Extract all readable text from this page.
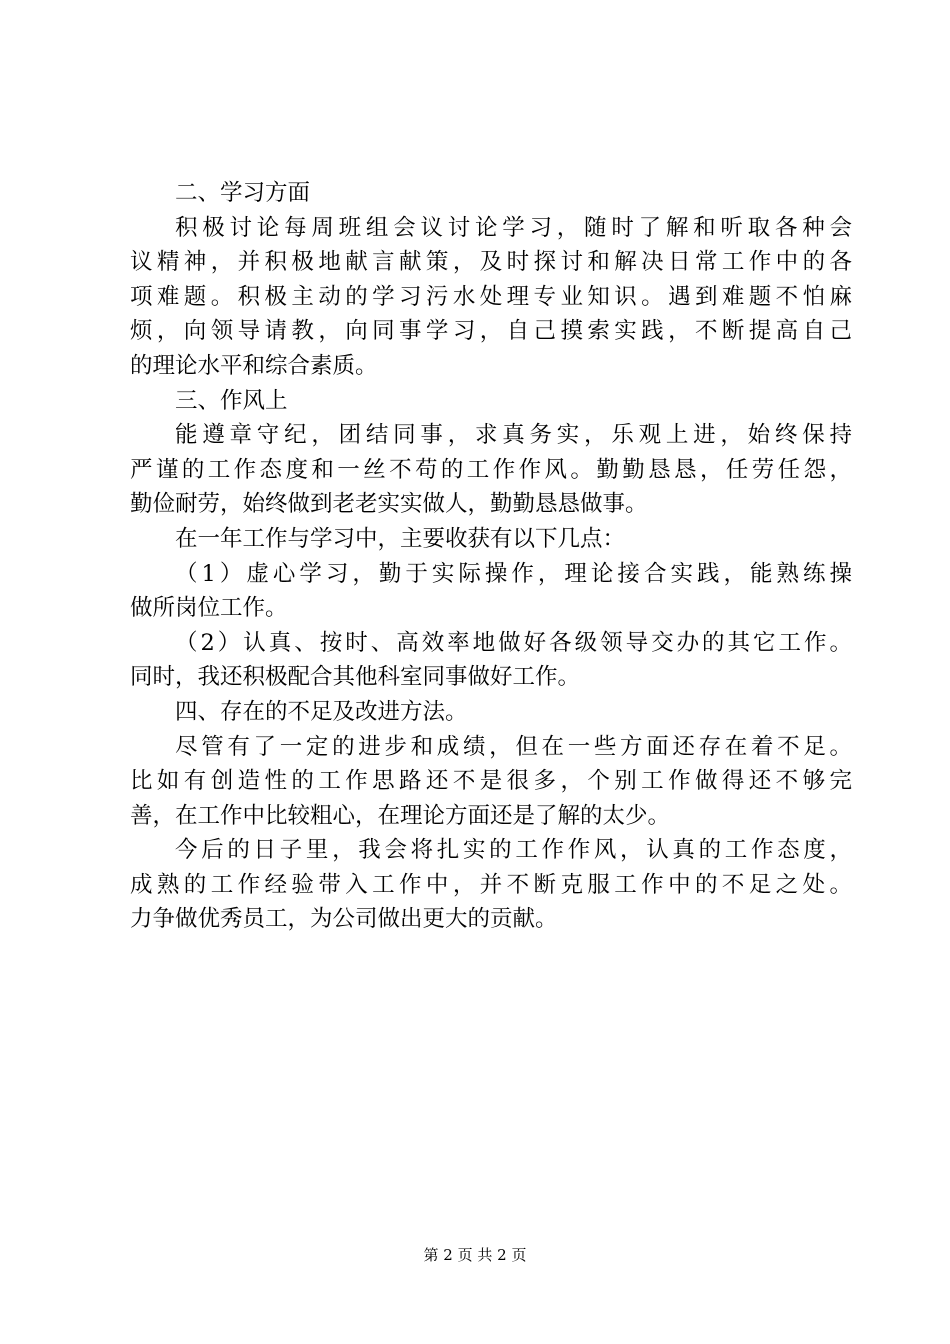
二、学习方面
积极讨论每周班组会议讨论学习，随时了解和听取各种会
议精神，并积极地献言献策，及时探讨和解决日常工作中的各
项难题。积极主动的学习污水处理专业知识。遇到难题不怕麻
烦，向领导请教，向同事学习，自己摸索实践，不断提高自己
的理论水平和综合素质。
三、作风上
能遵章守纪，团结同事，求真务实，乐观上进，始终保持
严谨的工作态度和一丝不苟的工作作风。勤勤恳恳，任劳任怨，
勤俭耐劳，始终做到老老实实做人，勤勤恳恳做事。
在一年工作与学习中，主要收获有以下几点：
（1）虚心学习，勤于实际操作，理论接合实践，能熟练操
做所岗位工作。
（2）认真、按时、高效率地做好各级领导交办的其它工作。
同时，我还积极配合其他科室同事做好工作。
四、存在的不足及改进方法。
尽管有了一定的进步和成绩，但在一些方面还存在着不足。
比如有创造性的工作思路还不是很多，个别工作做得还不够完
善，在工作中比较粗心，在理论方面还是了解的太少。
今后的日子里，我会将扎实的工作作风，认真的工作态度，
成熟的工作经验带入工作中，并不断克服工作中的不足之处。
力争做优秀员工，为公司做出更大的贡献。
第 2 页 共 2 页
